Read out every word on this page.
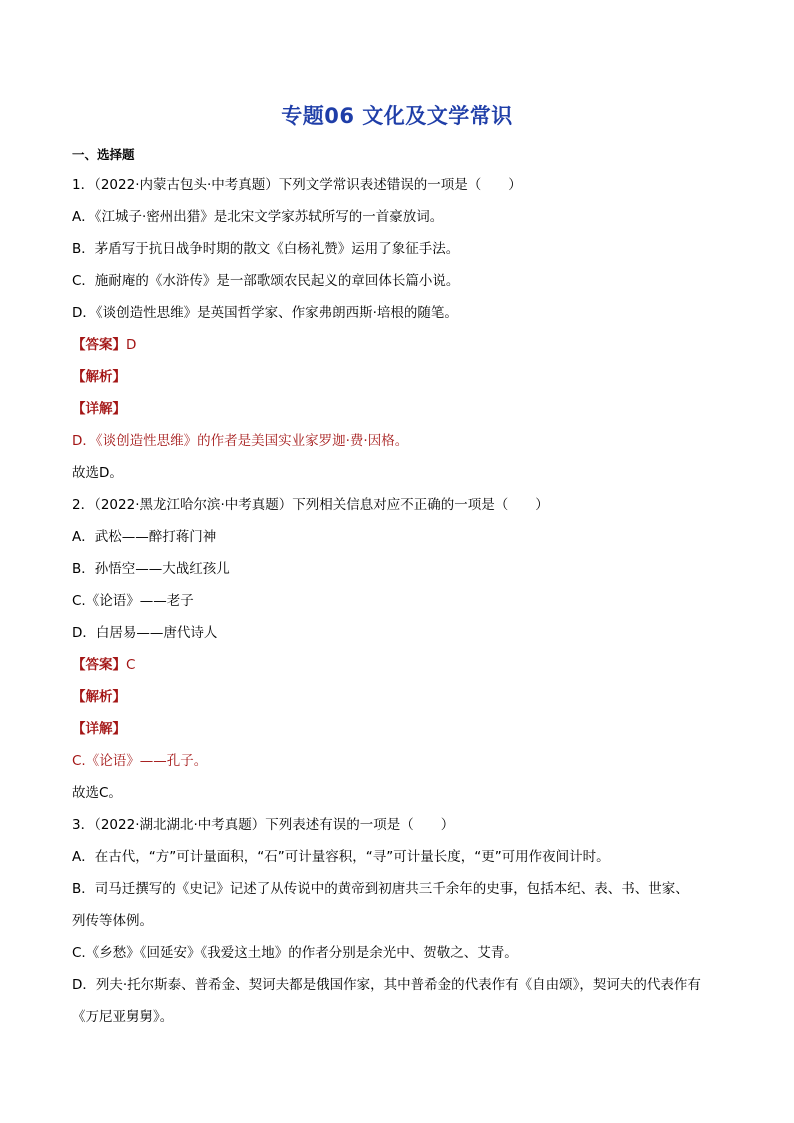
专题06 文化及文学常识
一、选择题
1．（2022·内蒙古包头·中考真题）下列文学常识表述错误的一项是（　　）
A．《江城子·密州出猎》是北宋文学家苏轼所写的一首豪放词。
B．茅盾写于抗日战争时期的散文《白杨礼赞》运用了象征手法。
C．施耐庵的《水浒传》是一部歌颂农民起义的章回体长篇小说。
D．《谈创造性思维》是英国哲学家、作家弗朗西斯·培根的随笔。
【答案】D
【解析】
【详解】
D．《谈创造性思维》的作者是美国实业家罗迦·费·因格。
故选D。
2．（2022·黑龙江哈尔滨·中考真题）下列相关信息对应不正确的一项是（　　）
A．武松——醉打蒋门神
B．孙悟空——大战红孩儿
C.《论语》——老子
D．白居易——唐代诗人
【答案】C
【解析】
【详解】
C.《论语》——孔子。
故选C。
3．（2022·湖北湖北·中考真题）下列表述有误的一项是（　　）
A．在古代，“方”可计量面积，“石”可计量容积，“寻”可计量长度，“更”可用作夜间计时。
B．司马迁撰写的《史记》记述了从传说中的黄帝到初唐共三千余年的史事，包括本纪、表、书、世家、
列传等体例。
C.《乡愁》《回延安》《我爱这土地》的作者分别是余光中、贺敬之、艾青。
D．列夫·托尔斯泰、普希金、契诃夫都是俄国作家，其中普希金的代表作有《自由颂》，契诃夫的代表作有
《万尼亚舅舅》。
